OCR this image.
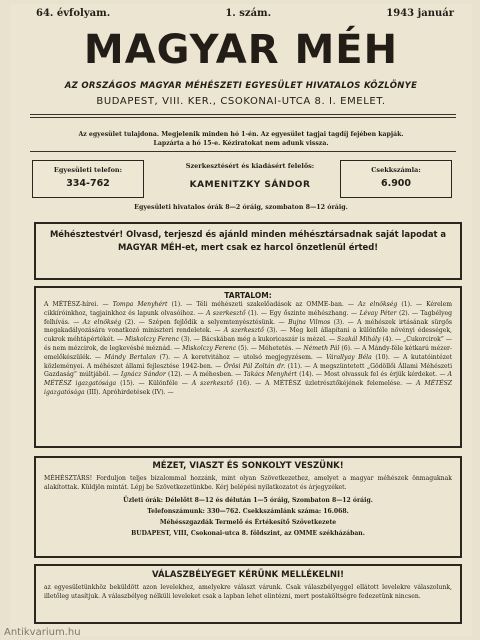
64. évfolyam.	1. szám.	1943 január
MAGYAR MÉH
AZ ORSZÁGOS MAGYAR MÉHÉSZETI EGYESÜLET HIVATALOS KÖZLÖNYE
BUDAPEST, VIII. KER., CSOKONAI-UTCA 8. I. EMELET.
Az egyesület tulajdona. Megjelenik minden hó 1-én. Az egyesület tagjai tagdíj fejében kapják.
Lapzárta a hó 15-e. Kéziratokat nem adunk vissza.
Egyesületi telefon:
334-762
Szerkesztésért és kiadásért felelős:
KAMENITZKY SÁNDOR
Csekkszámla:
6.900
Egyesületi hivatalos órák 8—2 óráig, szombaton 8—12 óráig.
Méhésztestvér! Olvasd, terjeszd és ajánld minden méhésztársadnak saját lapodat a MAGYAR MÉH-et, mert csak ez harcol önzetlenül érted!
TARTALOM:
A MÉTÉSZ-hírei. — Tompa Menyhért (1). — Téli méhészeti szakelőadások az OMME-ban. — Az elnökség (1). — Kérelem cikkíróinkhoz, tagjainkhoz és lapunk olvasóihoz. — A szerkesztő (1). — Egy őszinte méhészhang. — Lévay Péter (2). — Tagbélyeg felhívás. — Az elnökség (2). — Szépen fejlődik a selyemtenyésztésünk. — Bujna Vilmos (3). — A méhészek irtásának sürgős megakadályozására vonatkozó miniszteri rendeletek. — A szerkesztő (3). — Meg kell állapítani a különféle növényi édességek, cukrok méhtápértékét. — Miskolczy Ferenc (3). — Bácskában még a kukoricaszár is mézel. — Szakál Mihály (4). — „Cukorcirok” — és nem mézcirok, de legkevésbé méznád. — Miskolczy Ferenc (5). — Méhetetés. — Németh Pál (6). — A Mándy-féle kétkarú mézer-emelőkészülék. — Mándy Bertalan (7). — A keretvitához — utolsó megjegyzésem. — Várallyay Béla (10). — A kutatóintézet közleményei. A méhészet állami fejlesztése 1942-ben. — Örösi Pál Zoltán dr. (11). — A megszüntetett „Gödöllői Állami Méhészeti Gazdaság” múltjából. — Ignácz Sándor (12). — A méhesben. — Takács Menyhért (14). — Most olvassuk fel és érjük kérdeket. — A MÉTÉSZ igazgatósága (15). — Különféle — A szerkesztő (16). — A MÉTÉSZ üzletrésztőkéjének felemelése. — A MÉTÉSZ igazgatósága (III). Apróhirdetések (IV). —
MÉZET, VIASZT ÉS SONKOLYT VESZÜNK!
MÉHÉSZTÁRS! Forduljon teljes bizalommal hozzánk, mint olyan Szövetkezethez, amelyet a magyar méhészek önmaguknak alakítottak. Küldjön mintát. Lépj be Szövetkezetünkbe. Kérj belépési nyilatkozatot és árjegyzéket.
Üzleti órák: Délelőtt 8—12 és délután 1—5 óráig, Szombaton 8—12 óráig.
Telefonszámunk: 330—762. Csekkszámlánk száma: 16.068.
Méhésszgazdák Termelő és Értékesítő Szövetkezete
BUDAPEST, VIII, Csokonai-utca 8. földszint, az OMME székházában.
VÁLASZBÉLYEGET KÉRÜNK MELLÉKELNI!
az egyesületünkhöz beküldött azon levelekhez, amelyekre választ várunk. Csak válaszbélyeggel ellátott levelekre válaszolunk, illetőleg utasítjuk. A válaszbélyeg nélküli leveleket csak a lapban lehet elintézni, mert postaköltségre fedezetünk nincsen.
Antikvarium.hu
